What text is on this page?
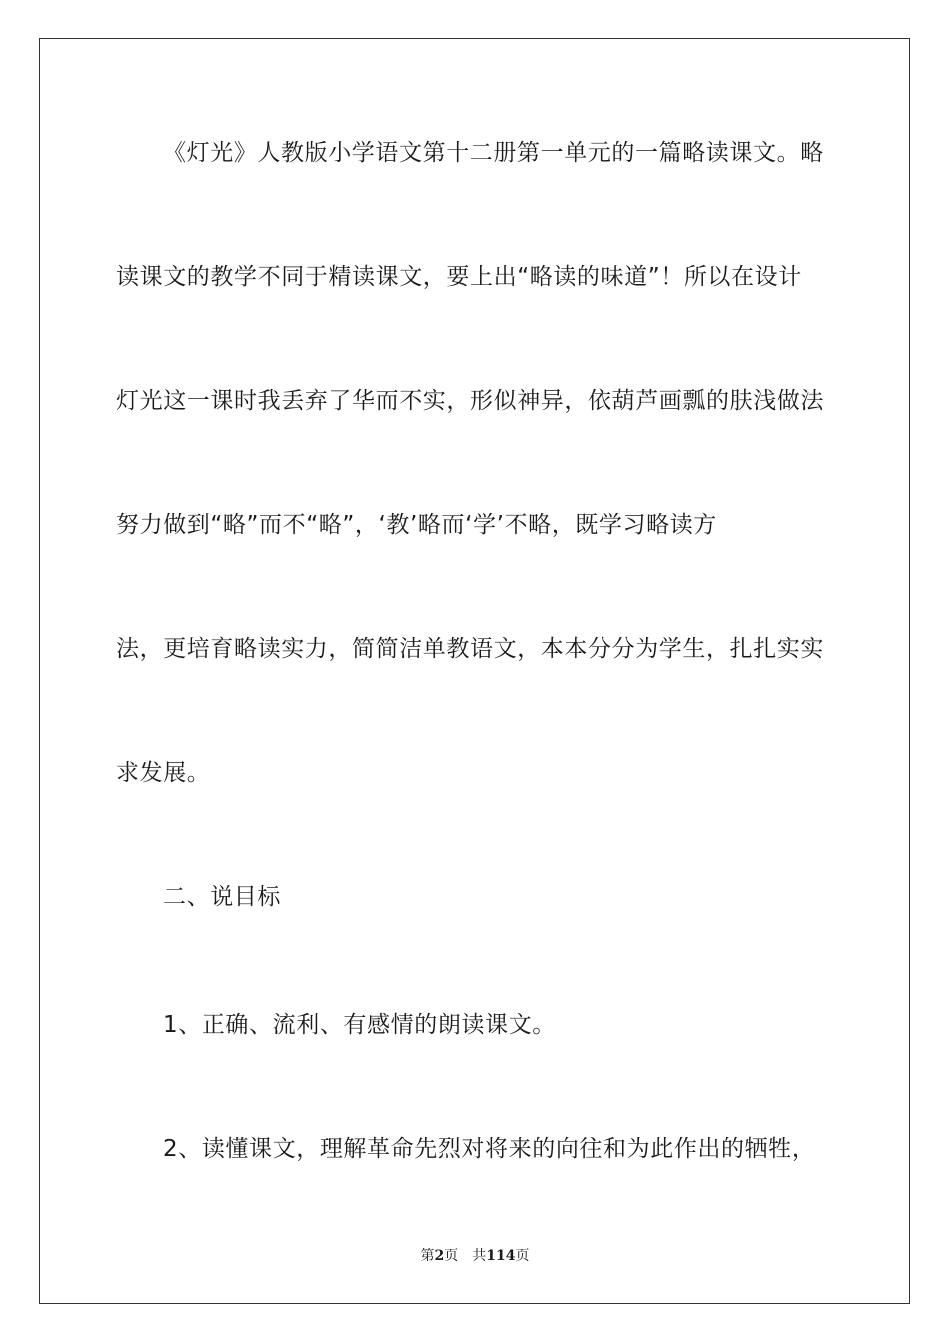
《灯光》人教版小学语文第十二册第一单元的一篇略读课文。略
读课文的教学不同于精读课文，要上出“略读的味道”！所以在设计
灯光这一课时我丢弃了华而不实，形似神异，依葫芦画瓢的肤浅做法
努力做到“略”而不“略”，‘教’略而‘学’不略，既学习略读方
法，更培育略读实力，简简洁单教语文，本本分分为学生，扎扎实实
求发展。
二、说目标
1、正确、流利、有感情的朗读课文。
2、读懂课文，理解革命先烈对将来的向往和为此作出的牺牲，
第2页 共114页
